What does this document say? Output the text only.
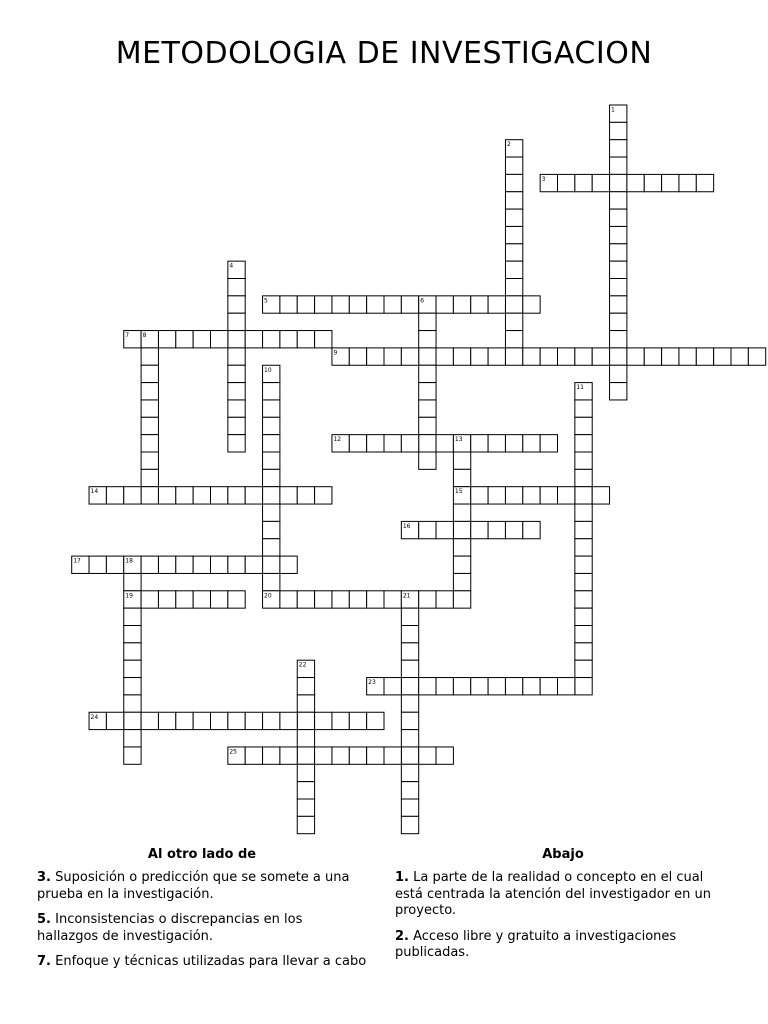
METODOLOGIA DE INVESTIGACION
1
2
3
4
5	6
7 8
9
10
11
12	13
14	15
16
17	18
19	20	21
22
23
24
25
Al otro lado de
3. Suposición o predicción que se somete a una prueba en la investigación.
5. Inconsistencias o discrepancias en los hallazgos de investigación.
7. Enfoque y técnicas utilizadas para llevar a cabo
Abajo
1. La parte de la realidad o concepto en el cual está centrada la atención del investigador en un proyecto.
2. Acceso libre y gratuito a investigaciones publicadas.
